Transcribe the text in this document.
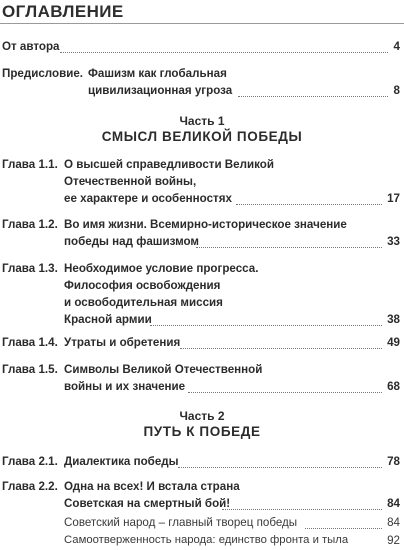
ОГЛАВЛЕНИЕ
От автора	4
Предисловие. Фашизм как глобальная
цивилизационная угроза	8
Часть 1
СМЫСЛ ВЕЛИКОЙ ПОБЕДЫ
Глава 1.1. О высшей справедливости Великой
Отечественной войны,
ее характере и особенностях	17
Глава 1.2. Во имя жизни. Всемирно-историческое значение
победы над фашизмом	33
Глава 1.3. Необходимое условие прогресса.
Философия освобождения
и освободительная миссия
Красной армии	38
Глава 1.4. Утраты и обретения	49
Глава 1.5. Символы Великой Отечественной
войны и их значение	68
Часть 2
ПУТЬ К ПОБЕДЕ
Глава 2.1. Диалектика победы	78
Глава 2.2. Одна на всех! И встала страна
Советская на смертный бой!	84
Советский народ – главный творец победы	84
Самоотверженность народа: единство фронта и тыла	92
